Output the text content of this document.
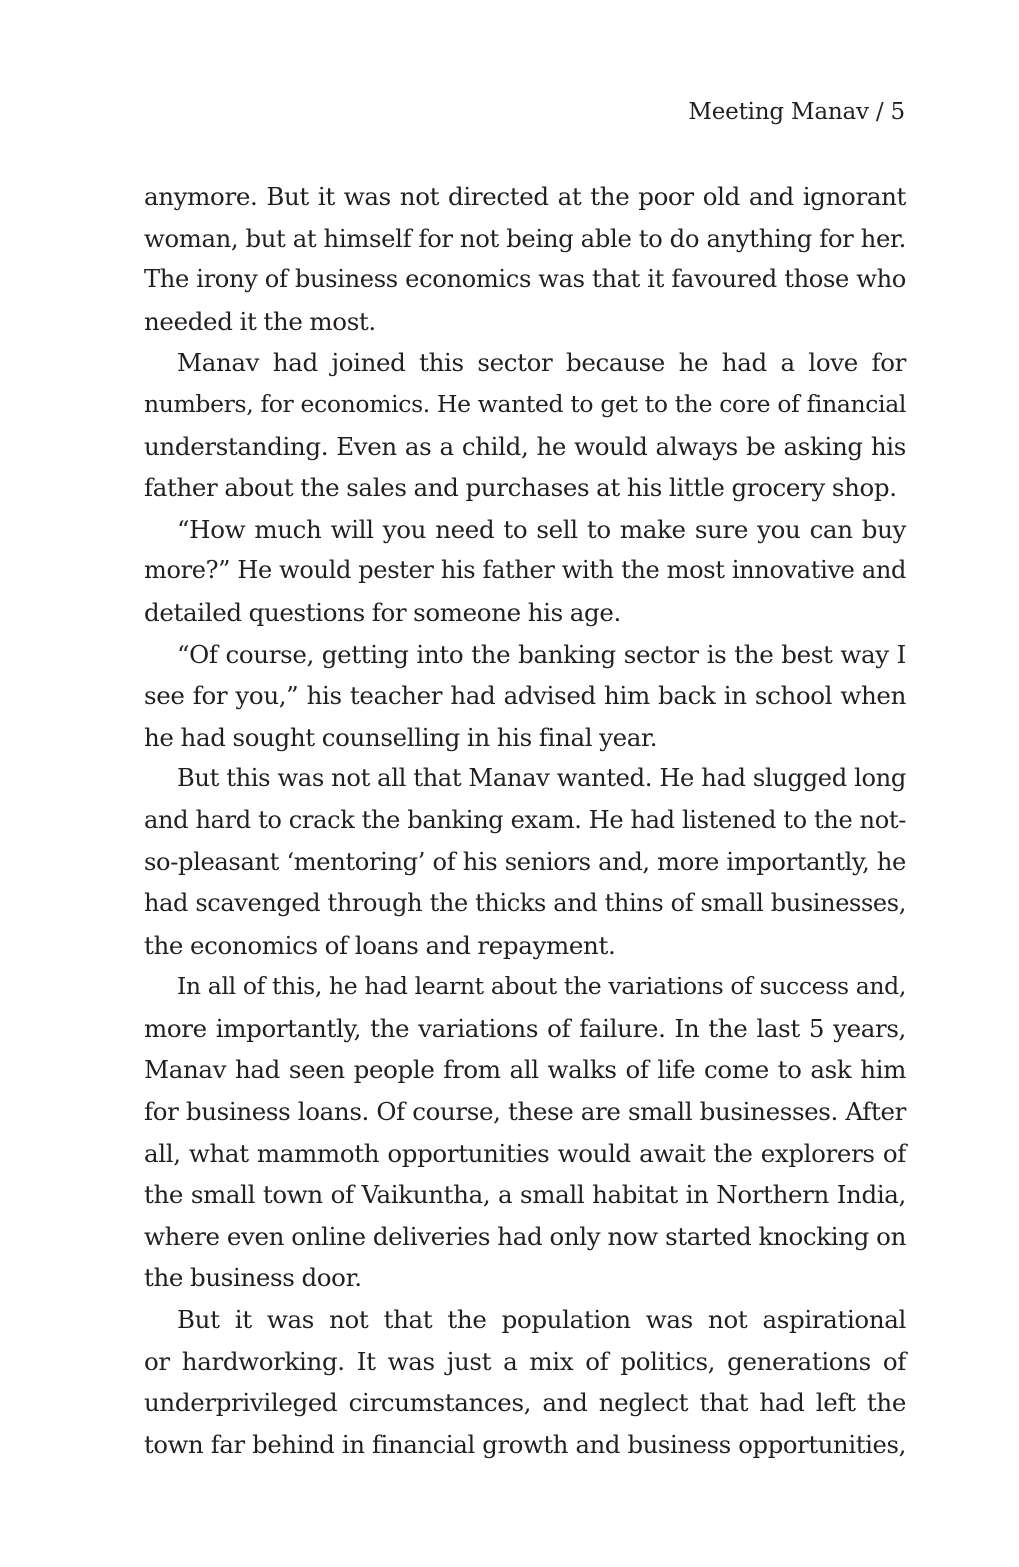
Meeting Manav / 5

anymore. But it was not directed at the poor old and ignorant
woman, but at himself for not being able to do anything for her.
The irony of business economics was that it favoured those who
needed it the most.

Manav had joined this sector because he had a love for
numbers, for economics. He wanted to get to the core of financial
understanding. Even as a child, he would always be asking his
father about the sales and purchases at his little grocery shop.

“How much will you need to sell to make sure you can buy
more?” He would pester his father with the most innovative and
detailed questions for someone his age.

“Of course, getting into the banking sector is the best way I
see for you,” his teacher had advised him back in school when
he had sought counselling in his final year.

But this was not all that Manav wanted. He had slugged long
and hard to crack the banking exam. He had listened to the not-
so-pleasant ‘mentoring’ of his seniors and, more importantly, he
had scavenged through the thicks and thins of small businesses,
the economics of loans and repayment.

In all of this, he had learnt about the variations of success and,
more importantly, the variations of failure. In the last 5 years,
Manav had seen people from all walks of life come to ask him
for business loans. Of course, these are small businesses. After
all, what mammoth opportunities would await the explorers of
the small town of Vaikuntha, a small habitat in Northern India,
where even online deliveries had only now started knocking on
the business door.

But it was not that the population was not aspirational
or hardworking. It was just a mix of politics, generations of
underprivileged circumstances, and neglect that had left the
town far behind in financial growth and business opportunities,
